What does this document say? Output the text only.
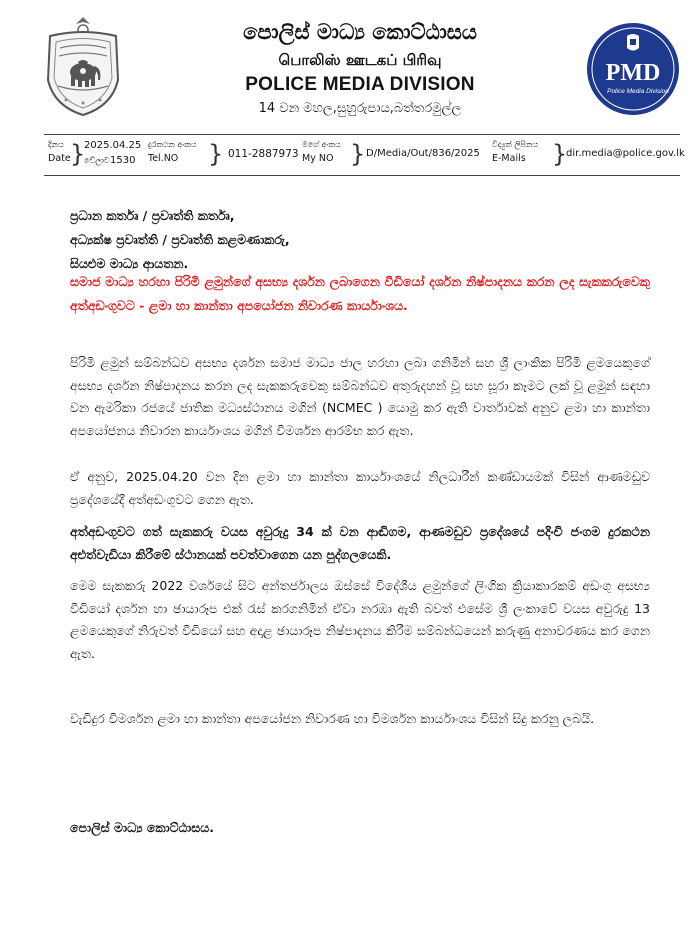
පොලිස් මාධ්‍ය කොට්ඨාසය
பொலிஸ் ஊடகப் பிரிவு
POLICE MEDIA DIVISION
14 වන මහල,සුහුරුපාය,බත්තරමුල්ල
PMD
Police Media Division
දිනය
Date }
2025.04.25
වේලාව 1530
දුරකථන අංකය
Tel.NO	} 011-2887973
මගේ අංකය
My NO } D/Media/Out/836/2025
විද්‍යුත් ලිපිනය
E-Mails	}
dir.media@police.gov.lk
ප්‍රධාන කර්තෘ / ප්‍රවෘත්ති කර්තෘ,
අධ්‍යක්ෂ ප්‍රවෘත්ති / ප්‍රවෘත්ති කළමණාකරු,
සියළුම මාධ්‍ය ආයතන.
සමාජ මාධ්‍ය හරහා පිරිමි ළමුන්ගේ අසභ්‍ය දර්ශන ලබාගෙන වීඩියෝ දර්ශන නිෂ්පාදනය කරන ලද සැකකරුවෙකු අත්අඩංගුවට - ළමා හා කාන්තා අපයෝජන නිවාරණ කාර්යාංශය.
පිරිමි ළමුන් සම්බන්ධව අසභ්‍ය දර්ශන සමාජ මාධ්‍ය ජාල හරහා ලබා ගනිමින් සහ ශ්‍රී ලාංකික පිරිමි ළමයෙකුගේ අසභ්‍ය දර්ශන නිෂ්පාදනය කරන ලද සැකකරුවෙකු සම්බන්ධව අතුරුදහන් වූ සහ සූරා කෑමට ලක් වූ ළමුන් සඳහා වන ඇමරිකා රජයේ ජාතික මධ්‍යස්ථානය මගින් (NCMEC ) යොමු කර ඇති වාර්තාවක් අනුව ළමා හා කාන්තා අපයෝජනය නිවාරන කාර්යාංශය මගින් විමර්ශන ආරම්භ කර ඇත.
ඒ අනුව, 2025.04.20 වන දින ළමා හා කාන්තා කාර්යාංශයේ නිලධාරීන් කණ්ඩායමක් විසින් ආණමඩුව ප්‍රදේශයේදී අත්අඩංගුවට ගෙන ඇත.
අත්අඩංගුවට ගත් සැකකරු වයස අවුරුදු 34 ක් වන ආඬිගම, ආණමඩුව ප්‍රදේශයේ පදිංචි ජංගම දුරකථන අළුත්වැඩියා කිරීමේ ස්ථානයක් පවත්වාගෙන යන පුද්ගලයෙකි.
මෙම සැකකරු 2022 වර්ශයේ සිට අන්තර්ජාලය ඔස්සේ විදේශීය ළමුන්ගේ ලිංගික ක්‍රියාකාරකම් අඩංගු අසභ්‍ය වීඩියෝ දර්ශන හා ඡායාරූප එක් රැස් කරගනිමින් ඒවා නරඹා ඇති බවත් එසේම ශ්‍රී ලංකාවේ වයස අවුරුදු 13 ළමයෙකුගේ නිරුවත් වීඩියෝ සහ අදාළ ඡායාරූප නිෂ්පාදනය කිරීම සම්බන්ධයෙන් කරුණු අනාවරණය කර ගෙන ඇත.
වැඩිදුර විමර්ශන ළමා හා කාන්තා අපයෝජන නිවාරණ හා විමර්ශන කාර්යාංශය විසින් සිදු කරනු ලබයි.
පොලිස් මාධ්‍ය කොට්ඨාසය.
